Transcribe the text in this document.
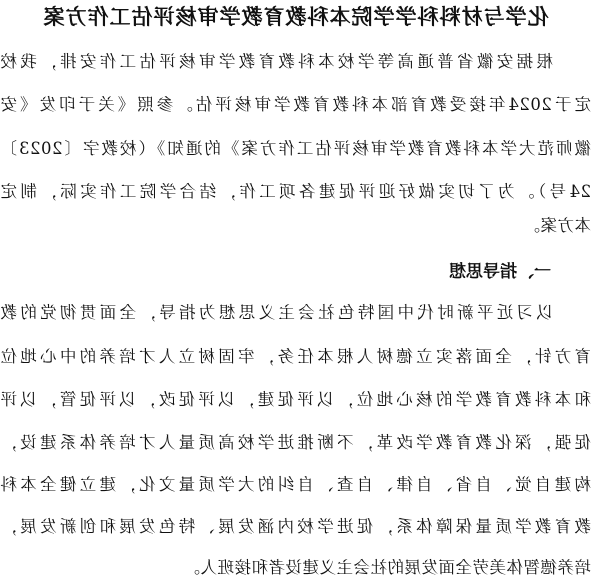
化学与材料科学学院本科教育教学审核评估工作方案
根据安徽省普通高等学校本科教育教学审核评估工作安排，我校
定于2024年接受教育部本科教育教学审核评估。参照《关于印发《安
徽师范大学本科教育教学审核评估工作方案》的通知》（校教字〔2023〕
24号）。为了切实做好迎评促建各项工作，结合学院工作实际，制定
本方案。
一、指导思想
以习近平新时代中国特色社会主义思想为指导，全面贯彻党的教
育方针，全面落实立德树人根本任务，牢固树立人才培养的中心地位
和本科教育教学的核心地位，以评促建，以评促改，以评促管，以评
促强，深化教育教学改革，不断推进学校高质量人才培养体系建设，
构建自觉、自省、自律、自查、自纠的大学质量文化，建立健全本科
教育教学质量保障体系，促进学校内涵发展、特色发展和创新发展，
培养德智体美劳全面发展的社会主义建设者和接班人。
